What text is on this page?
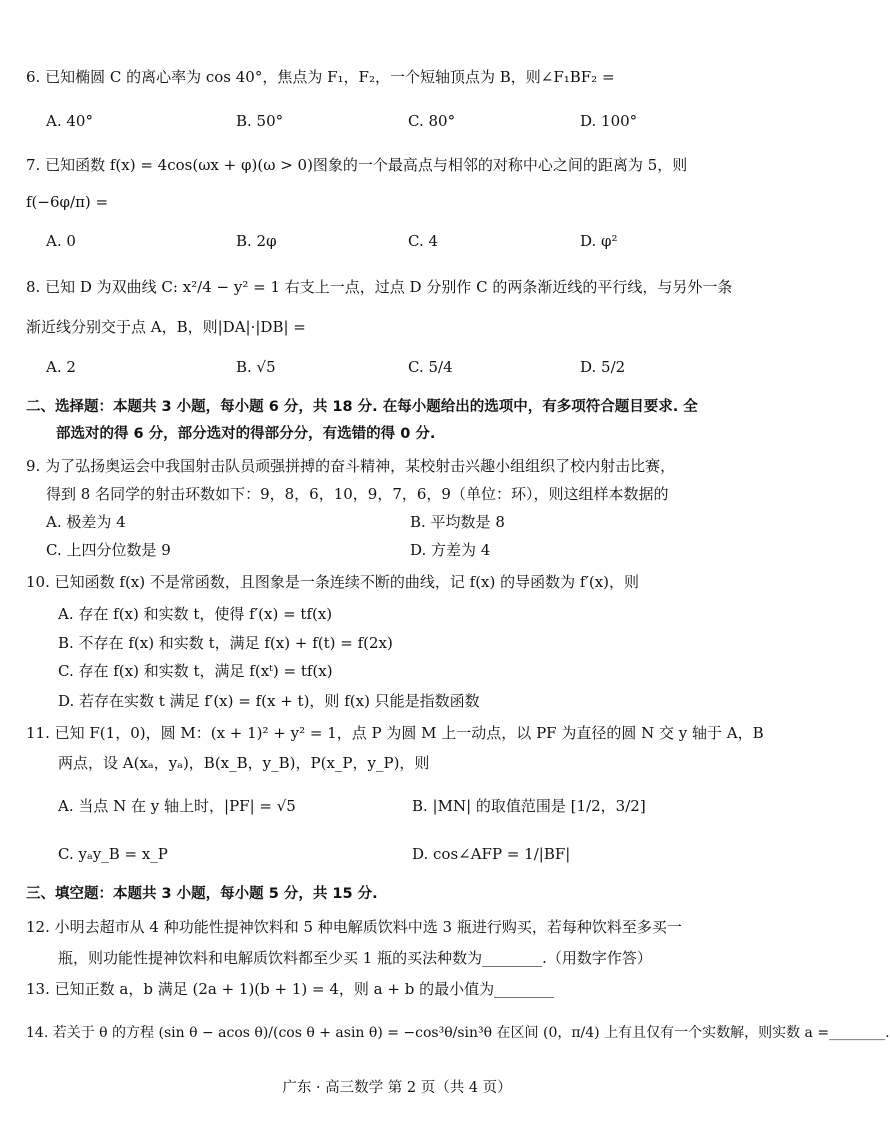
6. 已知椭圆 C 的离心率为 cos 40°，焦点为 F₁，F₂，一个短轴顶点为 B，则∠F₁BF₂ =
A. 40°	B. 50°	C. 80°	D. 100°
7. 已知函数 f(x) = 4cos(ωx + φ)(ω > 0)图象的一个最高点与相邻的对称中心之间的距离为 5，则
f(−6φ/π) =
A. 0	B. 2φ	C. 4	D. φ²
8. 已知 D 为双曲线 C: x²/4 − y² = 1 右支上一点，过点 D 分别作 C 的两条渐近线的平行线，与另外一条
渐近线分别交于点 A，B，则|DA|·|DB| =
A. 2	B. √5	C. 5/4	D. 5/2
二、选择题：本题共 3 小题，每小题 6 分，共 18 分. 在每小题给出的选项中，有多项符合题目要求. 全
部选对的得 6 分，部分选对的得部分分，有选错的得 0 分.
9. 为了弘扬奥运会中我国射击队员顽强拼搏的奋斗精神，某校射击兴趣小组组织了校内射击比赛，
得到 8 名同学的射击环数如下：9，8，6，10，9，7，6，9（单位：环），则这组样本数据的
A. 极差为 4	B. 平均数是 8
C. 上四分位数是 9	D. 方差为 4
10. 已知函数 f(x) 不是常函数，且图象是一条连续不断的曲线，记 f(x) 的导函数为 f′(x)，则
A. 存在 f(x) 和实数 t，使得 f′(x) = tf(x)
B. 不存在 f(x) 和实数 t，满足 f(x) + f(t) = f(2x)
C. 存在 f(x) 和实数 t，满足 f(xᵗ) = tf(x)
D. 若存在实数 t 满足 f′(x) = f(x + t)，则 f(x) 只能是指数函数
11. 已知 F(1，0)，圆 M：(x + 1)² + y² = 1，点 P 为圆 M 上一动点，以 PF 为直径的圆 N 交 y 轴于 A，B
两点，设 A(xₐ，yₐ)，B(x_B，y_B)，P(x_P，y_P)，则
A. 当点 N 在 y 轴上时，|PF| = √5	B. |MN| 的取值范围是 [1/2，3/2]
C. yₐy_B = x_P	D. cos∠AFP = 1/|BF|
三、填空题：本题共 3 小题，每小题 5 分，共 15 分.
12. 小明去超市从 4 种功能性提神饮料和 5 种电解质饮料中选 3 瓶进行购买，若每种饮料至多买一
瓶，则功能性提神饮料和电解质饮料都至少买 1 瓶的买法种数为________.（用数字作答）
13. 已知正数 a，b 满足 (2a + 1)(b + 1) = 4，则 a + b 的最小值为________
14. 若关于 θ 的方程 (sin θ − acos θ)/(cos θ + asin θ) = −cos³θ/sin³θ 在区间 (0，π/4) 上有且仅有一个实数解，则实数 a =________.
广东 · 高三数学 第 2 页（共 4 页）
